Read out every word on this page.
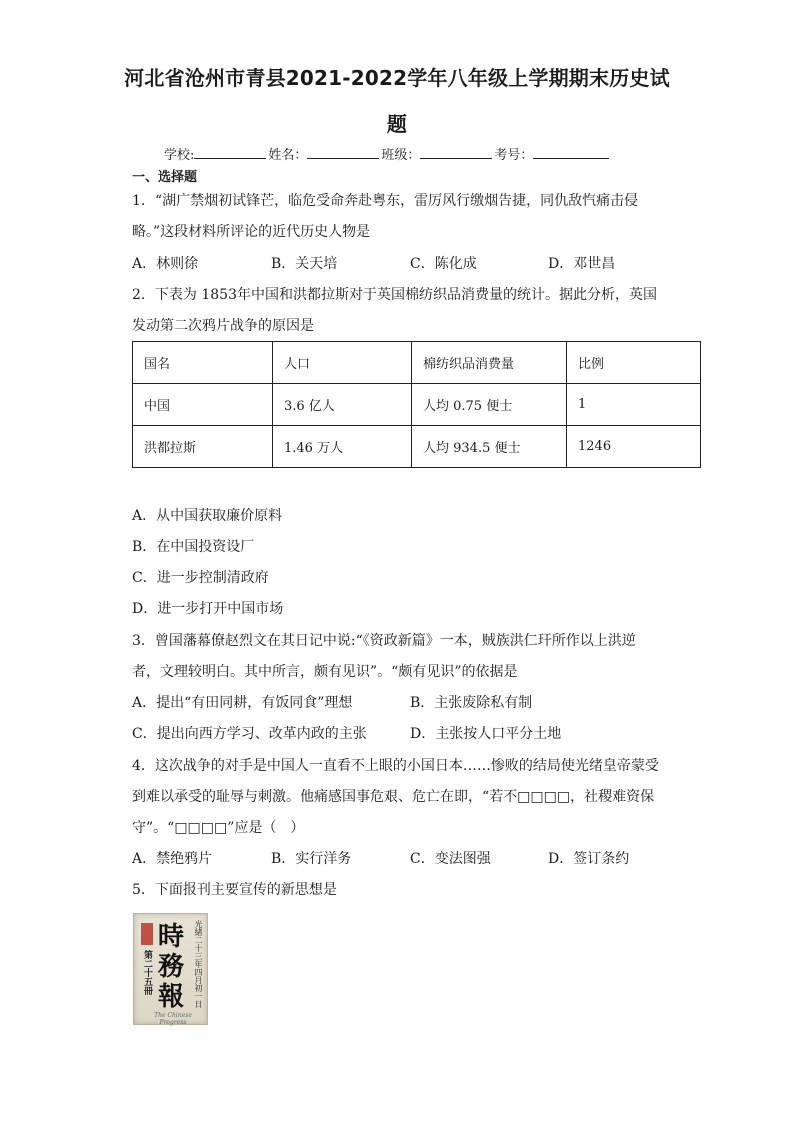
河北省沧州市青县2021-2022学年八年级上学期期末历史试
题
学校:	姓名：	班级：	考号：
一、选择题
1．“湖广禁烟初试锋芒，临危受命奔赴粤东，雷厉风行缴烟告捷，同仇敌忾痛击侵
略。”这段材料所评论的近代历史人物是
A．林则徐	B．关天培	C．陈化成	D．邓世昌
2．下表为 1853年中国和洪都拉斯对于英国棉纺织品消费量的统计。据此分析，英国
发动第二次鸦片战争的原因是
国名	人口	棉纺织品消费量	比例
中国	3.6 亿人	人均 0.75 便士	1
洪都拉斯	1.46 万人	人均 934.5 便士	1246
A．从中国获取廉价原料
B．在中国投资设厂
C．进一步控制清政府
D．进一步打开中国市场
3．曾国藩幕僚赵烈文在其日记中说:“《资政新篇》一本，贼族洪仁玕所作以上洪逆
者，文理较明白。其中所言，颇有见识”。“颇有见识”的依据是
A．提出“有田同耕，有饭同食”理想	B．主张废除私有制
C．提出向西方学习、改革内政的主张	D．主张按人口平分土地
4．这次战争的对手是中国人一直看不上眼的小国日本……惨败的结局使光绪皇帝蒙受
到难以承受的耻辱与刺激。他痛感国事危艰、危亡在即，“若不□□□□，社稷难资保
守”。“□□□□”应是（　）
A．禁绝鸦片	B．实行洋务	C．变法图强	D．签订条约
5．下面报刊主要宣传的新思想是
時務報	光緒二十三年四月初一日
第二十五冊
The Chinese Progress
